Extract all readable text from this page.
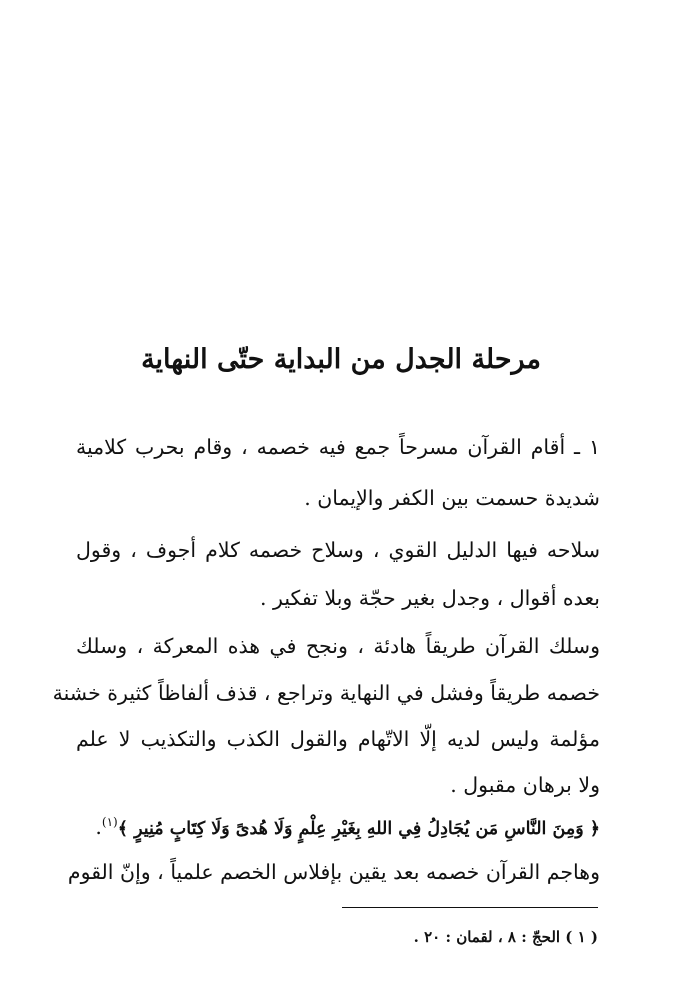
مرحلة الجدل من البداية حتّى النهاية

١ ـ أقام القرآن مسرحاً جمع فيه خصمه ، وقام بحرب كلامية

شديدة حسمت بين الكفر والإيمان .

سلاحه فيها الدليل القوي ، وسلاح خصمه كلام أجوف ، وقول

بعده أقوال ، وجدل بغير حجّة وبلا تفكير .

وسلك القرآن طريقاً هادئة ، ونجح في هذه المعركة ، وسلك

خصمه طريقاً وفشل في النهاية وتراجع ، قذف ألفاظاً كثيرة خشنة

مؤلمة وليس لديه إلّا الاتّهام والقول الكذب والتكذيب لا علم

ولا برهان مقبول .

﴿ وَمِنَ النَّاسِ مَن يُجَادِلُ فِي اللهِ بِغَيْرِ عِلْمٍ وَلَا هُدىً وَلَا كِتَابٍ مُنِيرٍ ﴾$^{(١)}$.

وهاجم القرآن خصمه بعد يقين بإفلاس الخصم علمياً ، وإنّ القوم

( ١ ) الحجّ : ٨ ، لقمان : ٢٠ .
